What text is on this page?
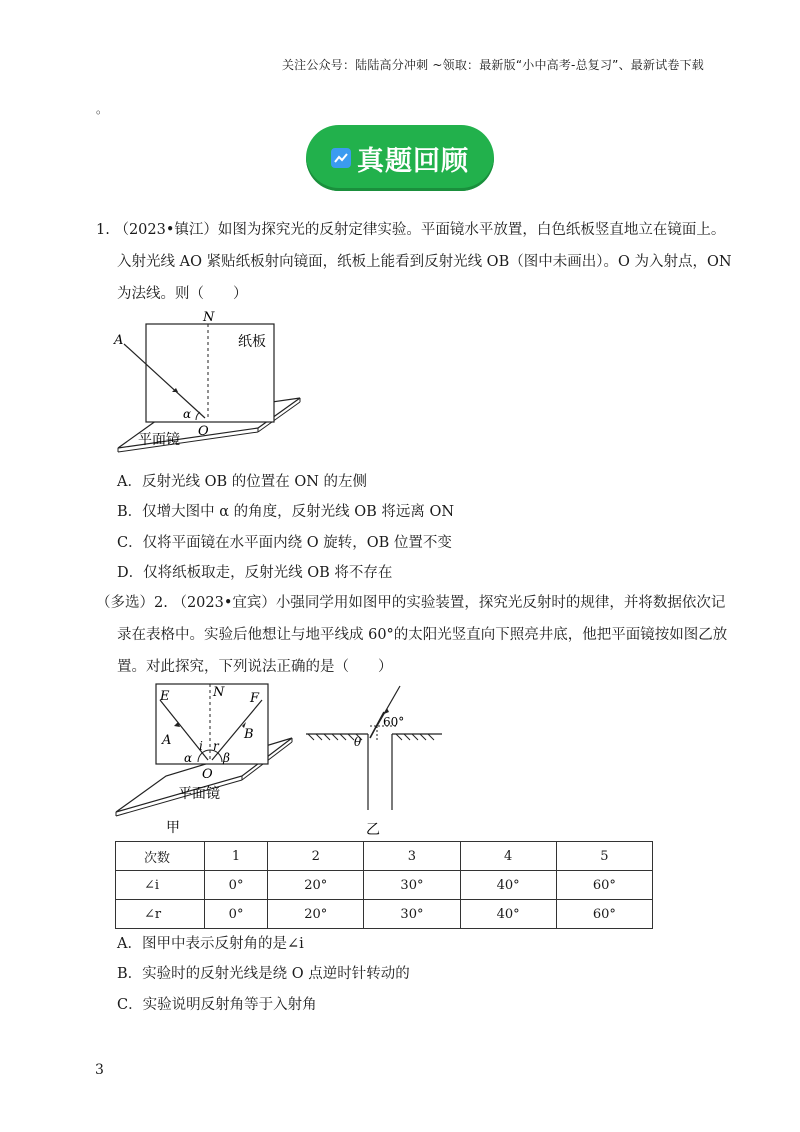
关注公众号：陆陆高分冲刺 ~领取：最新版“小中高考-总复习”、最新试卷下载
。
真题回顾
1. （2023•镇江）如图为探究光的反射定律实验。平面镜水平放置，白色纸板竖直地立在镜面上。
入射光线 AO 紧贴纸板射向镜面，纸板上能看到反射光线 OB（图中未画出）。O 为入射点，ON
为法线。则（　　）
A
N
纸板
α
O
平面镜
A．反射光线 OB 的位置在 ON 的左侧
B．仅增大图中 α 的角度，反射光线 OB 将远离 ON
C．仅将平面镜在水平面内绕 O 旋转，OB 位置不变
D．仅将纸板取走，反射光线 OB 将不存在
（多选）2. （2023•宜宾）小强同学用如图甲的实验装置，探究光反射时的规律，并将数据依次记
录在表格中。实验后他想让与地平线成 60°的太阳光竖直向下照亮井底，他把平面镜按如图乙放
置。对此探究，下列说法正确的是（　　）
E	N F
A	B
i r
α	β
O
平面镜
甲
60°
θ
乙
次数	1	2	3	4	5
∠i	0°	20°	30°	40°	60°
∠r	0°	20°	30°	40°	60°
A．图甲中表示反射角的是∠i
B．实验时的反射光线是绕 O 点逆时针转动的
C．实验说明反射角等于入射角
3
